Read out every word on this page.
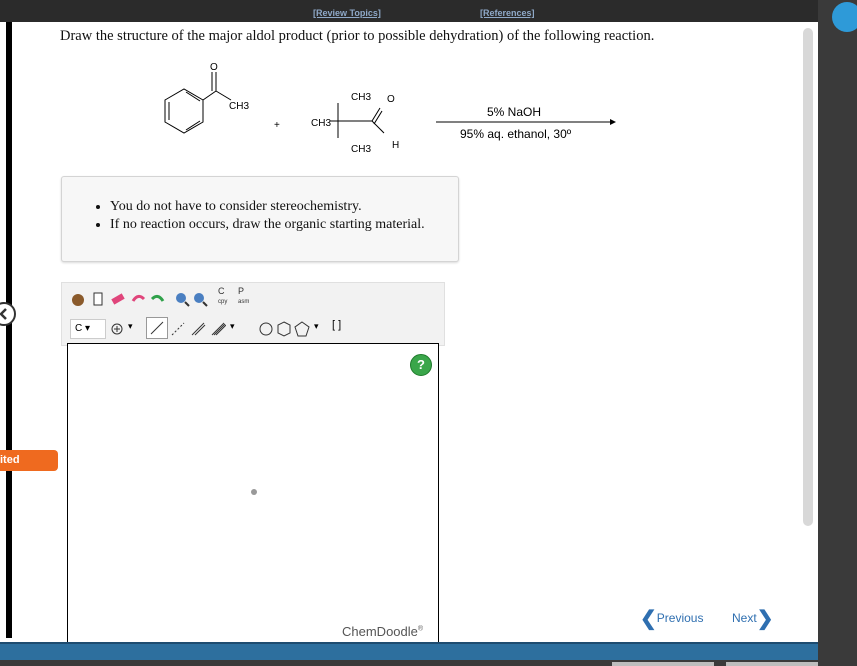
[Review Topics]	[References]
ited
Draw the structure of the major aldol product (prior to possible dehydration) of the following reaction.
O
CH3
+	CH3
CH3 O
CH3 H
5% NaOH
95% aq. ethanol, 30º
• You do not have to consider stereochemistry.
• If no reaction occurs, draw the organic starting material.
C
cpy
P
asm
C ▾	▾	▾	▾ [ ]
?
ChemDoodle®	❮Previous Next❯
